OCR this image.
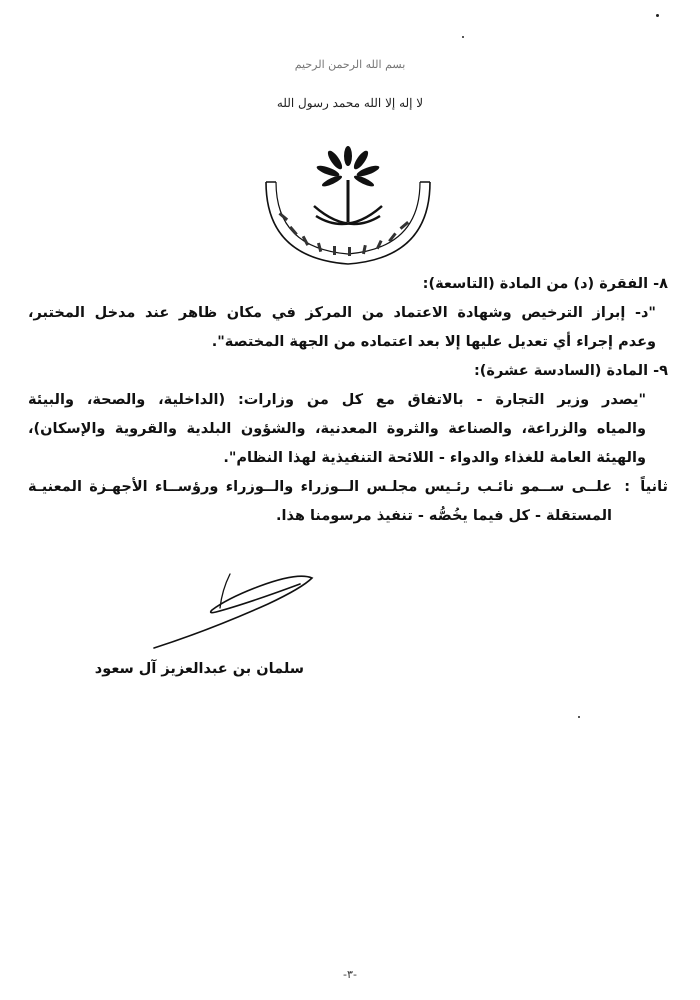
بسم الله الرحمن الرحيم
لا إله إلا الله محمد رسول الله
٨- الفقرة (د) من المادة (التاسعة):
"د- إبراز الترخيص وشهادة الاعتماد من المركز في مكان ظاهر عند مدخل المختبر،
وعدم إجراء أي تعديل عليها إلا بعد اعتماده من الجهة المختصة".
٩- المادة (السادسة عشرة):
"يصدر وزير التجارة - بالاتفاق مع كل من وزارات: (الداخلية، والصحة، والبيئة
والمياه والزراعة، والصناعة والثروة المعدنية، والشؤون البلدية والقروية والإسكان)،
والهيئة العامة للغذاء والدواء - اللائحة التنفيذية لهذا النظام".
ثانياً
:
علــى ســمو نائـب رئـيس مجلـس الــوزراء والــوزراء ورؤســاء الأجهـزة المعنيـة
المستقلة - كل فيما يخُصُّه - تنفيذ مرسومنا هذا.
سلمان بن عبدالعزيز آل سعود
-٣-
